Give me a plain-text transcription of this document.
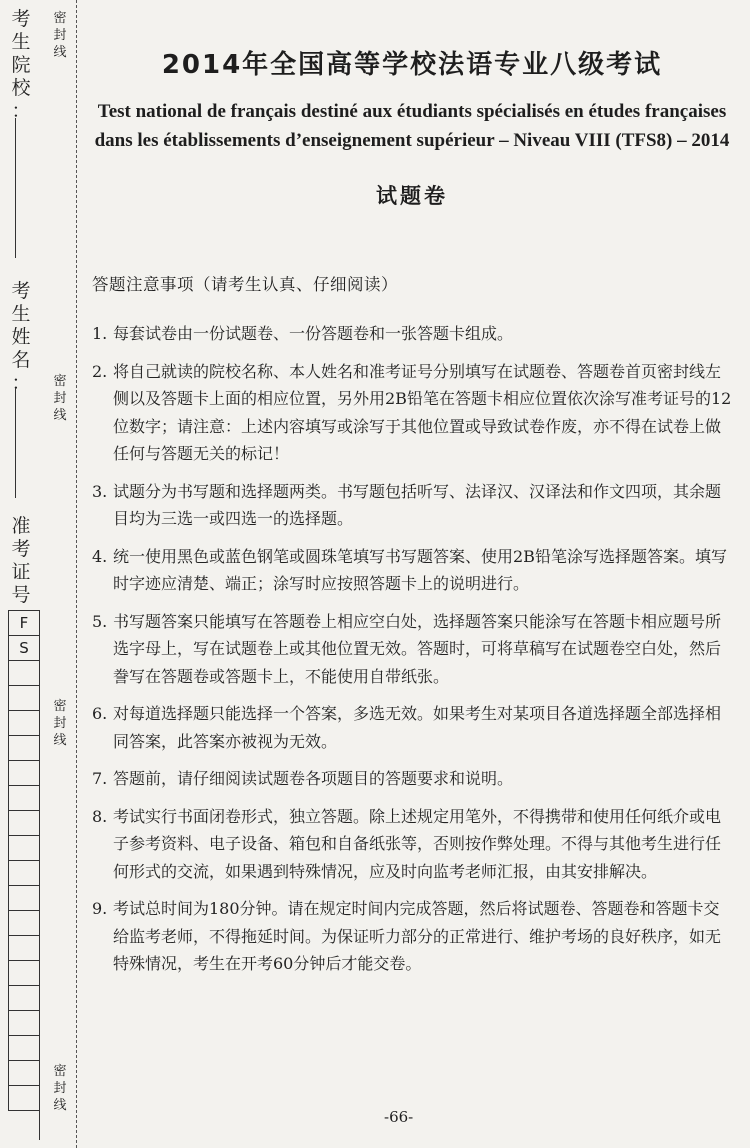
考
生
院
校
：
考
生
姓
名
：
准
考
证
号
密
封
线
密
封
线
密
封
线
密
封
线
F
S
2014年全国高等学校法语专业八级考试
Test national de français destiné aux étudiants spécialisés en études françaises
dans les établissements d’enseignement supérieur – Niveau VIII (TFS8) – 2014
试题卷
答题注意事项（请考生认真、仔细阅读）
1. 每套试卷由一份试题卷、一份答题卷和一张答题卡组成。
2. 将自己就读的院校名称、本人姓名和准考证号分别填写在试题卷、答题卷首页密封线左侧以及答题卡上面的相应位置，另外用2B铅笔在答题卡相应位置依次涂写准考证号的12位数字；请注意：上述内容填写或涂写于其他位置或导致试卷作废，亦不得在试卷上做任何与答题无关的标记！
3. 试题分为书写题和选择题两类。书写题包括听写、法译汉、汉译法和作文四项，其余题目均为三选一或四选一的选择题。
4. 统一使用黑色或蓝色钢笔或圆珠笔填写书写题答案、使用2B铅笔涂写选择题答案。填写时字迹应清楚、端正；涂写时应按照答题卡上的说明进行。
5. 书写题答案只能填写在答题卷上相应空白处，选择题答案只能涂写在答题卡相应题号所选字母上，写在试题卷上或其他位置无效。答题时，可将草稿写在试题卷空白处，然后誊写在答题卷或答题卡上，不能使用自带纸张。
6. 对每道选择题只能选择一个答案，多选无效。如果考生对某项目各道选择题全部选择相同答案，此答案亦被视为无效。
7. 答题前，请仔细阅读试题卷各项题目的答题要求和说明。
8. 考试实行书面闭卷形式，独立答题。除上述规定用笔外，不得携带和使用任何纸介或电子参考资料、电子设备、箱包和自备纸张等，否则按作弊处理。不得与其他考生进行任何形式的交流，如果遇到特殊情况，应及时向监考老师汇报，由其安排解决。
9. 考试总时间为180分钟。请在规定时间内完成答题，然后将试题卷、答题卷和答题卡交给监考老师，不得拖延时间。为保证听力部分的正常进行、维护考场的良好秩序，如无特殊情况，考生在开考60分钟后才能交卷。
-66-
